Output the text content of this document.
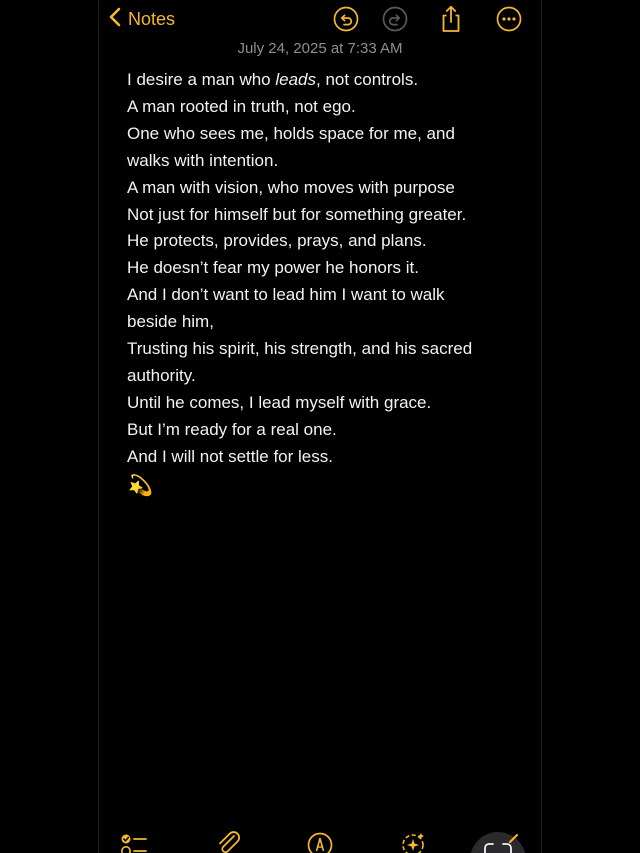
Notes
July 24, 2025 at 7:33 AM
I desire a man who leads, not controls.
A man rooted in truth, not ego.
One who sees me, holds space for me, and
walks with intention.
A man with vision, who moves with purpose
Not just for himself but for something greater.
He protects, provides, prays, and plans.
He doesn’t fear my power he honors it.
And I don’t want to lead him I want to walk
beside him,
Trusting his spirit, his strength, and his sacred
authority.
Until he comes, I lead myself with grace.
But I’m ready for a real one.
And I will not settle for less.
💫
